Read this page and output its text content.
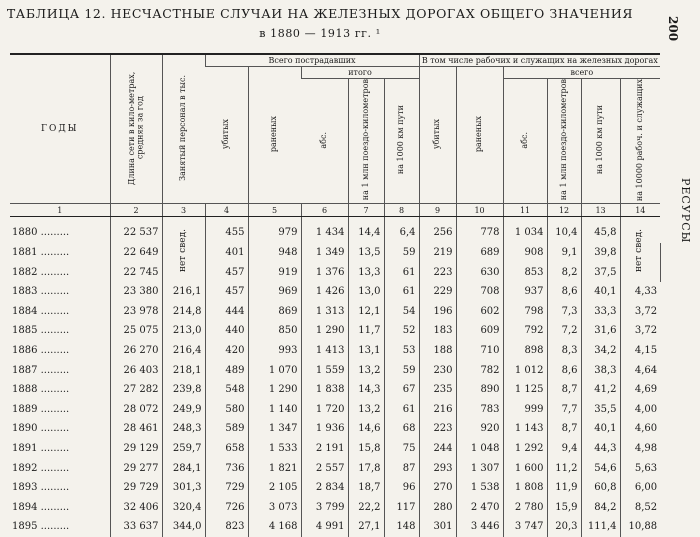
ТАБЛИЦА 12. НЕСЧАСТНЫЕ СЛУЧАИ НА ЖЕЛЕЗНЫХ ДОРОГАХ ОБЩЕГО ЗНАЧЕНИЯ
в 1880 — 1913 гг. ¹	200
РЕСУРСЫ
ГОДЫ	Длина сети в кило-метрах, средняя за год	Занятый персонал в тыс.	Всего пострадавших					В том числе рабочих и служащих на железных дорогах						
			убитых	раненых	итого			убитых	раненых	всего				
					абс.	на 1 млн поездо-километров	на 1000 км пути			абс.	на 1 млн поездо-километров	на 1000 км пути	на 10000 рабоч. и служащих	
1	2	3	4	5	6	7	8	9	10	11	12	13	14	

1880 .........	22 537	нет свед.	455	979	1 434	14,4	6,4	256	778	1 034	10,4	45,8	нет свед.	
1881 .........	22 649		401	948	1 349	13,5	59	219	689	908	9,1	39,8		
1882 .........	22 745		457	919	1 376	13,3	61	223	630	853	8,2	37,5		
1883 .........	23 380	216,1	457	969	1 426	13,0	61	229	708	937	8,6	40,1	4,33	
1884 .........	23 978	214,8	444	869	1 313	12,1	54	196	602	798	7,3	33,3	3,72	
1885 .........	25 075	213,0	440	850	1 290	11,7	52	183	609	792	7,2	31,6	3,72	
1886 .........	26 270	216,4	420	993	1 413	13,1	53	188	710	898	8,3	34,2	4,15	
1887 .........	26 403	218,1	489	1 070	1 559	13,2	59	230	782	1 012	8,6	38,3	4,64	
1888 .........	27 282	239,8	548	1 290	1 838	14,3	67	235	890	1 125	8,7	41,2	4,69	
1889 .........	28 072	249,9	580	1 140	1 720	13,2	61	216	783	999	7,7	35,5	4,00	
1890 .........	28 461	248,3	589	1 347	1 936	14,6	68	223	920	1 143	8,7	40,1	4,60	
1891 .........	29 129	259,7	658	1 533	2 191	15,8	75	244	1 048	1 292	9,4	44,3	4,98	
1892 .........	29 277	284,1	736	1 821	2 557	17,8	87	293	1 307	1 600	11,2	54,6	5,63	
1893 .........	29 729	301,3	729	2 105	2 834	18,7	96	270	1 538	1 808	11,9	60,8	6,00	
1894 .........	32 406	320,4	726	3 073	3 799	22,2	117	280	2 470	2 780	15,9	84,2	8,52	
1895 .........	33 637	344,0	823	4 168	4 991	27,1	148	301	3 446	3 747	20,3	111,4	10,88	
